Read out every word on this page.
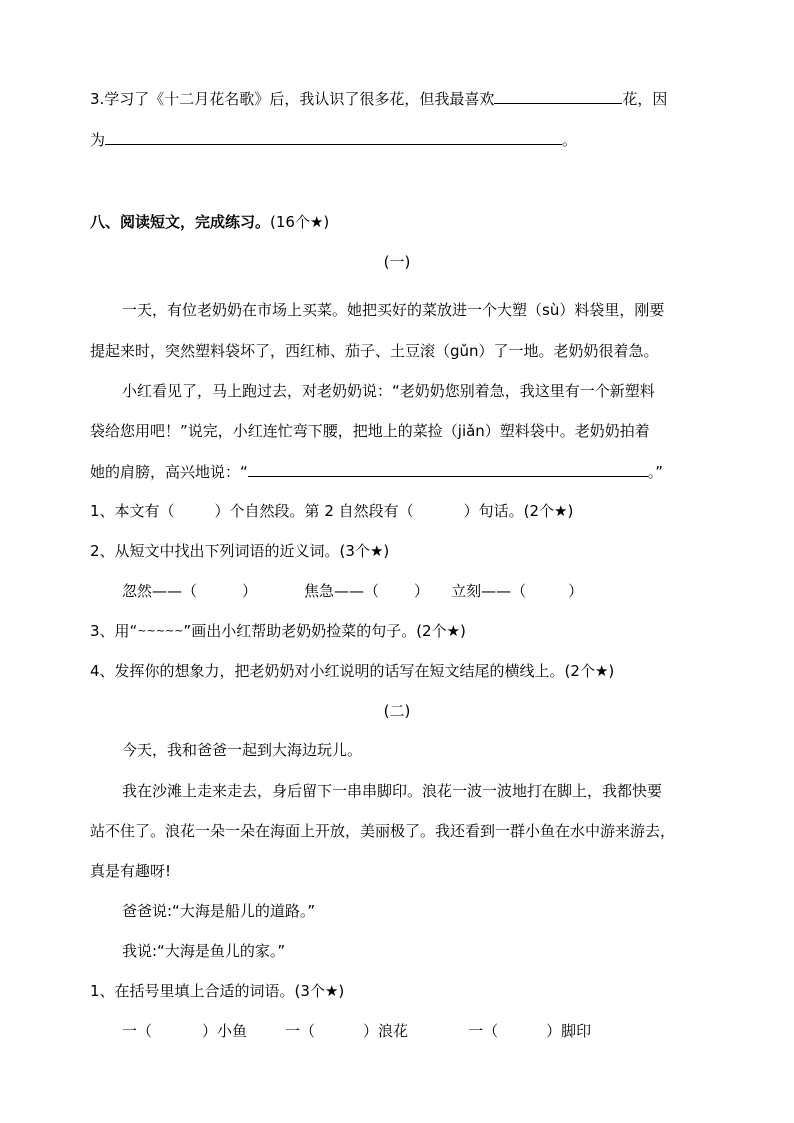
3.学习了《十二月花名歌》后，我认识了很多花，但我最喜欢	花，因
为	。
八、阅读短文，完成练习。(16个★)
(一)
一天，有位老奶奶在市场上买菜。她把买好的菜放进一个大塑（sù）料袋里，刚要
提起来时，突然塑料袋坏了，西红柿、茄子、土豆滚（gǔn）了一地。老奶奶很着急。
小红看见了，马上跑过去，对老奶奶说：“老奶奶您别着急，我这里有一个新塑料
袋给您用吧！”说完，小红连忙弯下腰，把地上的菜捡（jiǎn）塑料袋中。老奶奶拍着
她的肩膀，高兴地说：“	。”
1、本文有（	）个自然段。第 2 自然段有（	）句话。(2个★)
2、从短文中找出下列词语的近义词。(3个★)
忽然——（	）	焦急——（ ） 立刻——（	）
3、用“~~~~~”画出小红帮助老奶奶捡菜的句子。(2个★)
4、发挥你的想象力，把老奶奶对小红说明的话写在短文结尾的横线上。(2个★)
(二)
今天，我和爸爸一起到大海边玩儿。
我在沙滩上走来走去，身后留下一串串脚印。浪花一波一波地打在脚上，我都快要
站不住了。浪花一朵一朵在海面上开放，美丽极了。我还看到一群小鱼在水中游来游去，
真是有趣呀!
爸爸说:“大海是船儿的道路。”
我说:“大海是鱼儿的家。”
1、在括号里填上合适的词语。(3个★)
一（	）小鱼	一（	）浪花	一（	）脚印
